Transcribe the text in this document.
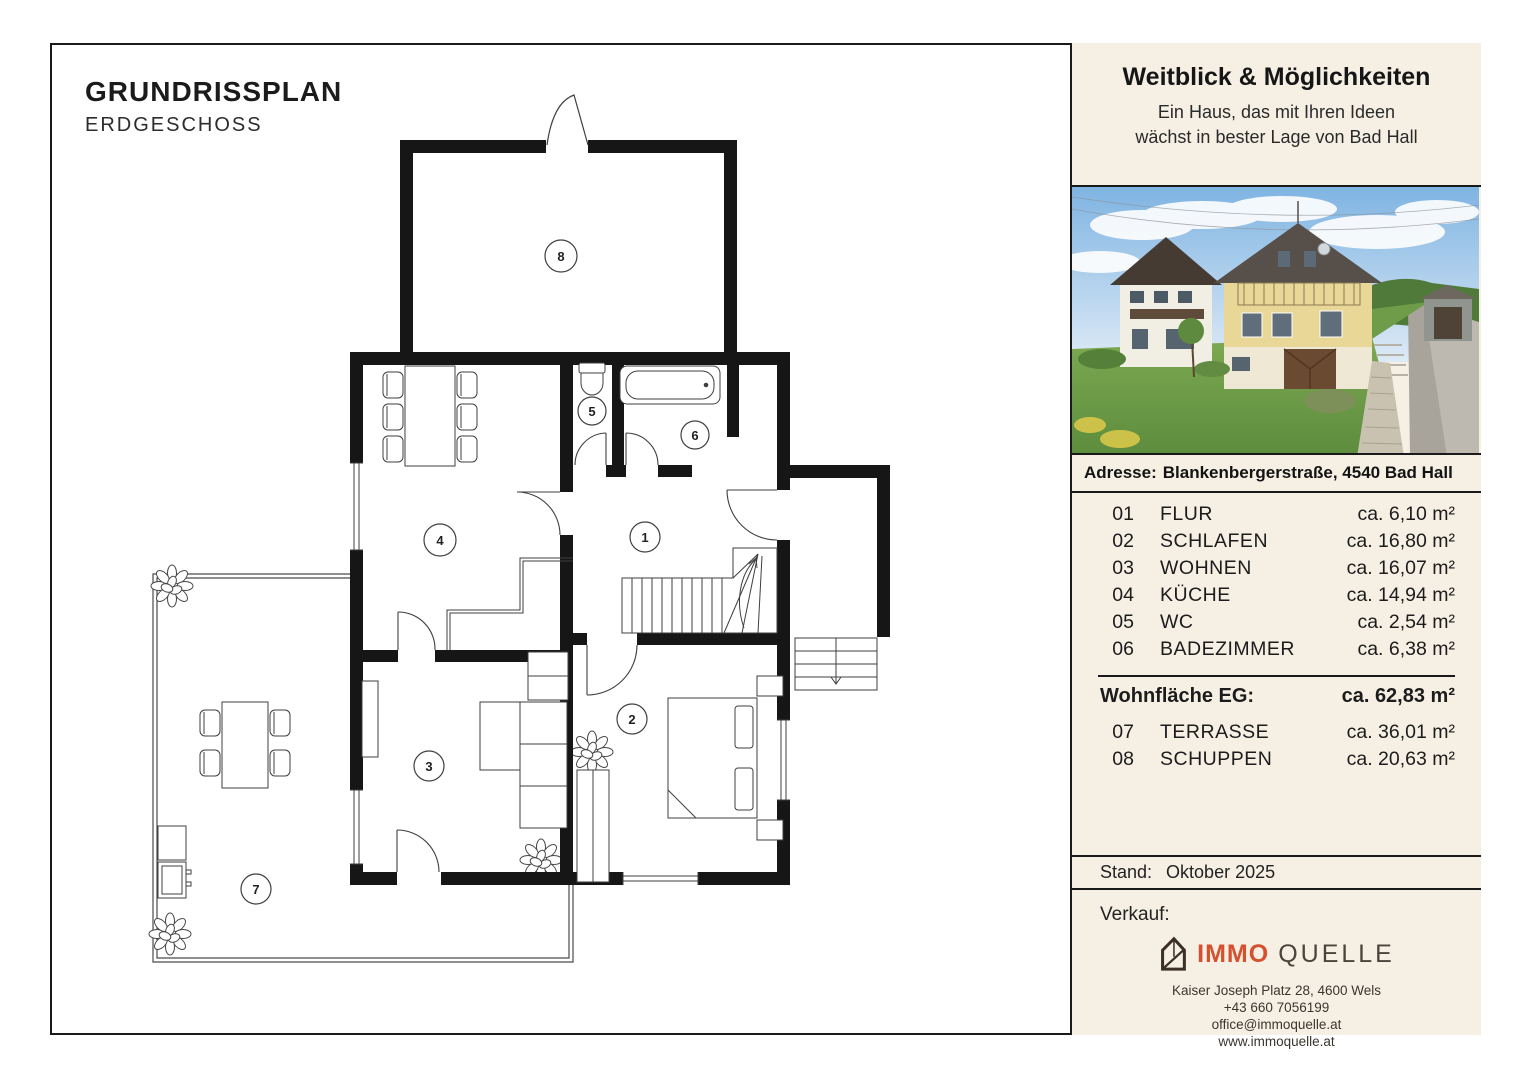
1
2
3
4
5
6
7
8
GRUNDRISSPLAN
ERDGESCHOSS
Weitblick & Möglichkeiten
Ein Haus, das mit Ihren Ideen
wächst in bester Lage von Bad Hall
Adresse: Blankenbergerstraße, 4540 Bad Hall
01 FLUR	ca. 6,10 m²
02 SCHLAFEN	ca. 16,80 m²
03 WOHNEN	ca. 16,07 m²
04 KÜCHE	ca. 14,94 m²
05 WC	ca. 2,54 m²
06 BADEZIMMER	ca. 6,38 m²
Wohnfläche EG:	ca. 62,83 m²
07 TERRASSE	ca. 36,01 m²
08 SCHUPPEN	ca. 20,63 m²
Stand: Oktober 2025
Verkauf:
IMMO QUELLE
Kaiser Joseph Platz 28, 4600 Wels
+43 660 7056199
office@immoquelle.at
www.immoquelle.at
